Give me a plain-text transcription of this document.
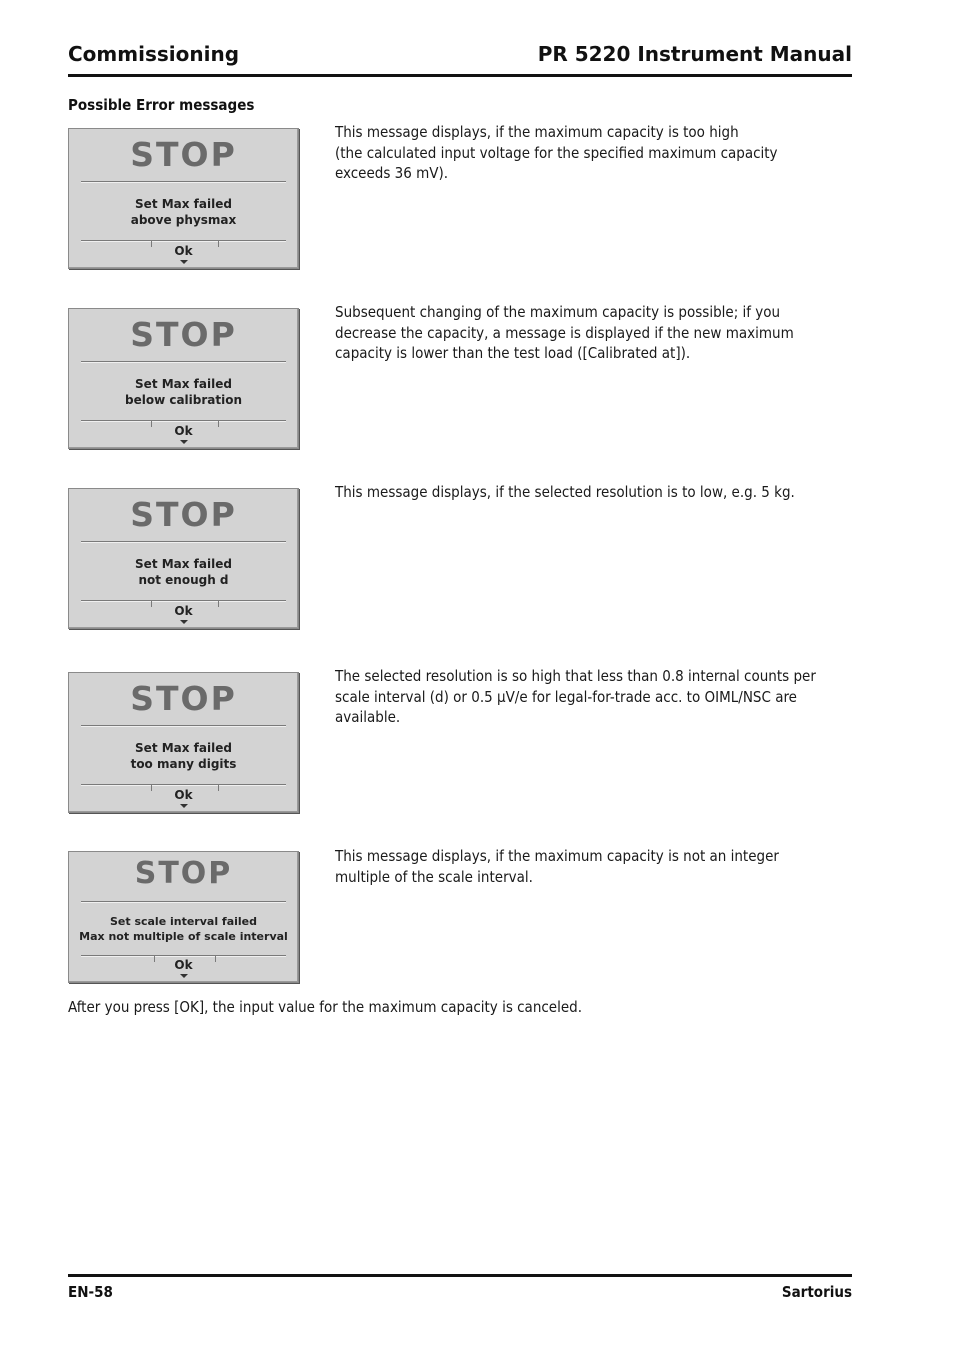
Commissioning	PR 5220 Instrument Manual
Possible Error messages
STOP
Set Max failed
above physmax
Ok

This message displays, if the maximum capacity is too high

(the calculated input voltage for the specified maximum capacity

exceeds 36 mV).

STOP
Set Max failed
below calibration
Ok

Subsequent changing of the maximum capacity is possible; if you

decrease the capacity, a message is displayed if the new maximum

capacity is lower than the test load ([Calibrated at]).

STOP
Set Max failed
not enough d
Ok

This message displays, if the selected resolution is to low, e.g. 5 kg.

STOP
Set Max failed
too many digits
Ok

The selected resolution is so high that less than 0.8 internal counts per

scale interval (d) or 0.5 µV/e for legal-for-trade acc. to OIML/NSC are

available.

STOP
Set scale interval failed
Max not multiple of scale interval
Ok

This message displays, if the maximum capacity is not an integer

multiple of the scale interval.

After you press [OK], the input value for the maximum capacity is canceled.
EN-58	Sartorius
